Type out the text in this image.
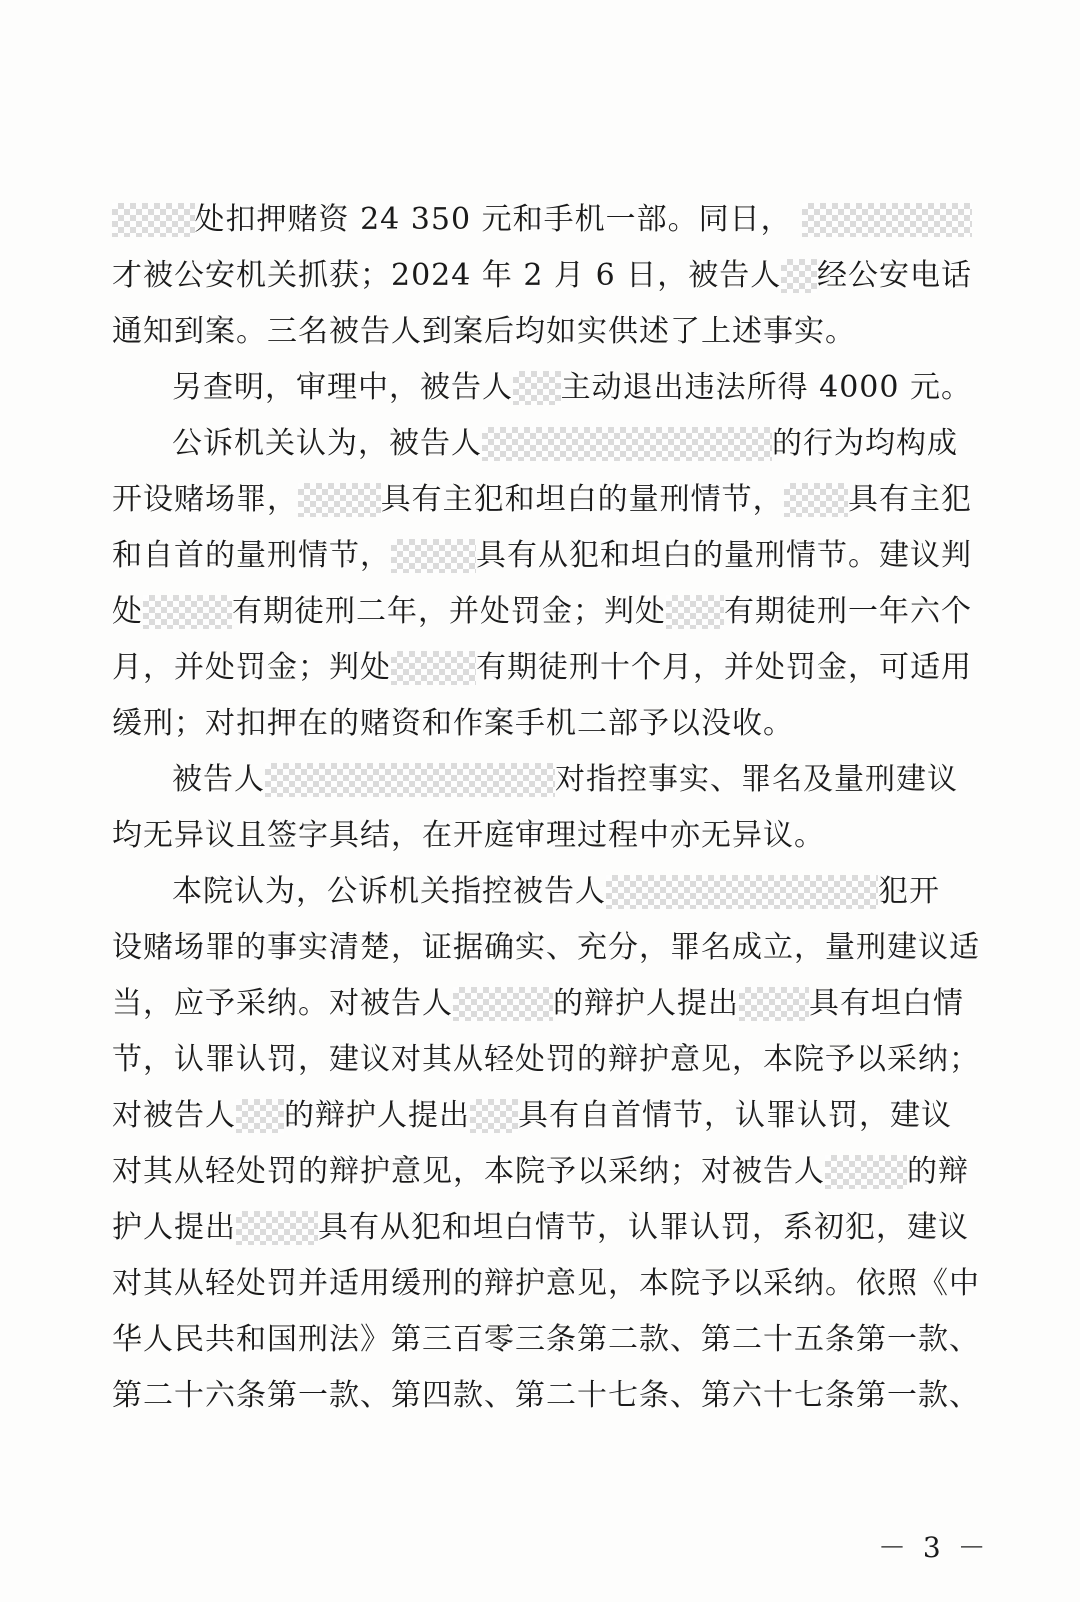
处扣押赌资 24 350 元和手机一部。同日，
才被公安机关抓获；2024 年 2 月 6 日，被告人 经公安电话
通知到案。三名被告人到案后均如实供述了上述事实。
另查明，审理中，被告人 主动退出违法所得 4000 元。
公诉机关认为，被告人	的行为均构成
开设赌场罪，	具有主犯和坦白的量刑情节， 具有主犯
和自首的量刑情节，	具有从犯和坦白的量刑情节。建议判
处	有期徒刑二年，并处罚金；判处 有期徒刑一年六个
月，并处罚金；判处	有期徒刑十个月，并处罚金，可适用
缓刑；对扣押在的赌资和作案手机二部予以没收。
被告人	对指控事实、罪名及量刑建议
均无异议且签字具结，在开庭审理过程中亦无异议。
本院认为，公诉机关指控被告人	犯开
设赌场罪的事实清楚，证据确实、充分，罪名成立，量刑建议适
当，应予采纳。对被告人	的辩护人提出 具有坦白情
节，认罪认罚，建议对其从轻处罚的辩护意见，本院予以采纳；
对被告人 的辩护人提出 具有自首情节，认罪认罚，建议
对其从轻处罚的辩护意见，本院予以采纳；对被告人	的辩
护人提出	具有从犯和坦白情节，认罪认罚，系初犯，建议
对其从轻处罚并适用缓刑的辩护意见，本院予以采纳。依照《中
华人民共和国刑法》第三百零三条第二款、第二十五条第一款、
第二十六条第一款、第四款、第二十七条、第六十七条第一款、
－ 3 －
